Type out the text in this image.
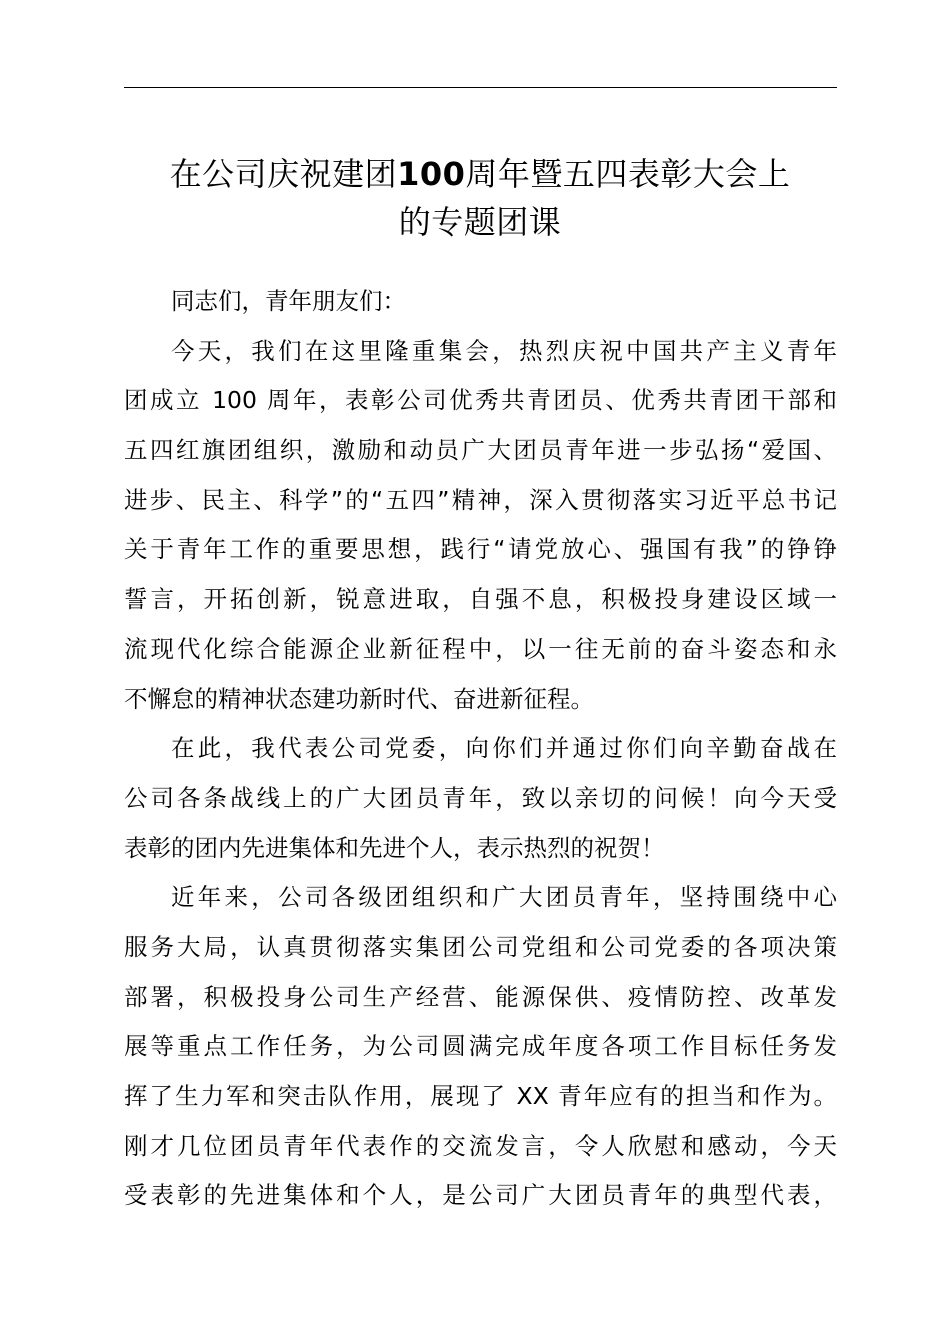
在公司庆祝建团100周年暨五四表彰大会上
的专题团课
同志们，青年朋友们：
今天，我们在这里隆重集会，热烈庆祝中国共产主义青年
团成立 100 周年，表彰公司优秀共青团员、优秀共青团干部和
五四红旗团组织，激励和动员广大团员青年进一步弘扬“爱国、
进步、民主、科学”的“五四”精神，深入贯彻落实习近平总书记
关于青年工作的重要思想，践行“请党放心、强国有我”的铮铮
誓言，开拓创新，锐意进取，自强不息，积极投身建设区域一
流现代化综合能源企业新征程中，以一往无前的奋斗姿态和永
不懈怠的精神状态建功新时代、奋进新征程。
在此，我代表公司党委，向你们并通过你们向辛勤奋战在
公司各条战线上的广大团员青年，致以亲切的问候！向今天受
表彰的团内先进集体和先进个人，表示热烈的祝贺！
近年来，公司各级团组织和广大团员青年，坚持围绕中心
服务大局，认真贯彻落实集团公司党组和公司党委的各项决策
部署，积极投身公司生产经营、能源保供、疫情防控、改革发
展等重点工作任务，为公司圆满完成年度各项工作目标任务发
挥了生力军和突击队作用，展现了 XX 青年应有的担当和作为。
刚才几位团员青年代表作的交流发言，令人欣慰和感动，今天
受表彰的先进集体和个人，是公司广大团员青年的典型代表，
